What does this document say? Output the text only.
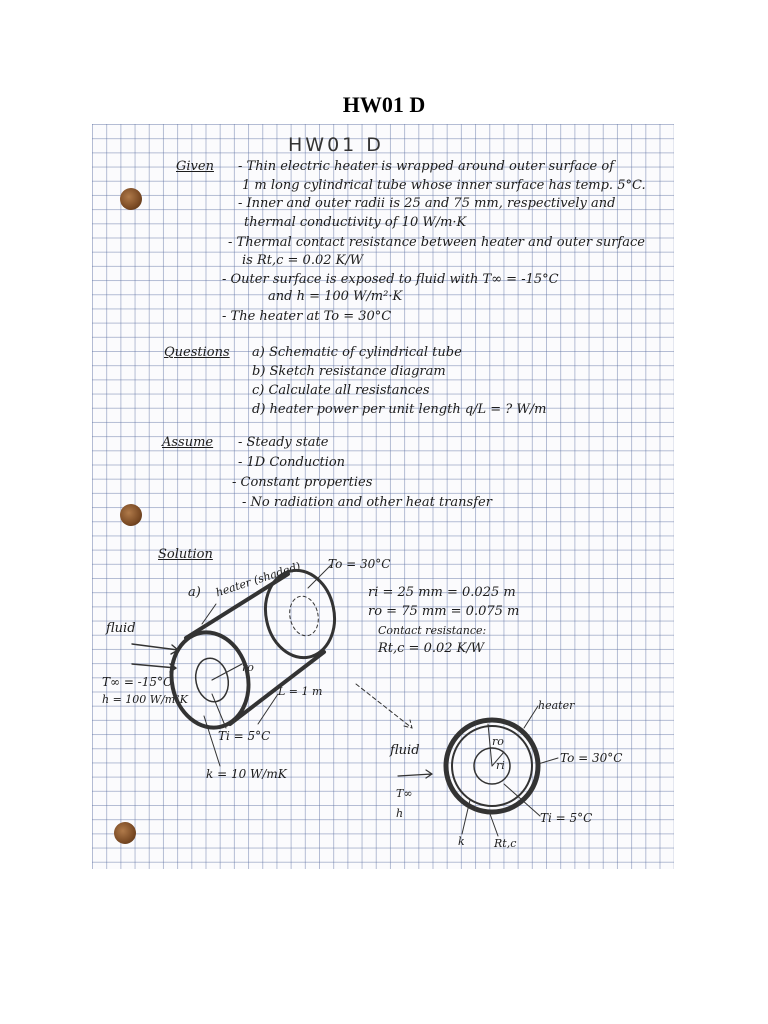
HW01 D
HW01 D
Given - Thin electric heater is wrapped around outer surface of
1 m long cylindrical tube whose inner surface has temp. 5°C.
- Inner and outer radii is 25 and 75 mm, respectively and
thermal conductivity of 10 W/m·K
- Thermal contact resistance between heater and outer surface
is Rt,c = 0.02 K/W
- Outer surface is exposed to fluid with T∞ = -15°C
and h = 100 W/m²·K
- The heater at To = 30°C
Questions a) Schematic of cylindrical tube
b) Sketch resistance diagram
c) Calculate all resistances
d) heater power per unit length q/L = ? W/m
Assume - Steady state
- 1D Conduction
- Constant properties
- No radiation and other heat transfer
Solution
a) heater (shaded) To = 30°C
ri = 25 mm = 0.025 m
ro = 75 mm = 0.075 m
Contact resistance:
Rt,c = 0.02 K/W
fluid
T∞ = -15°C
h = 100 W/m²K
Ti = 5°C
k = 10 W/mK
ro
L = 1 m
heater
fluid	To = 30°C
T∞
h	Ti = 5°C
k	Rt,c
ro
ri
